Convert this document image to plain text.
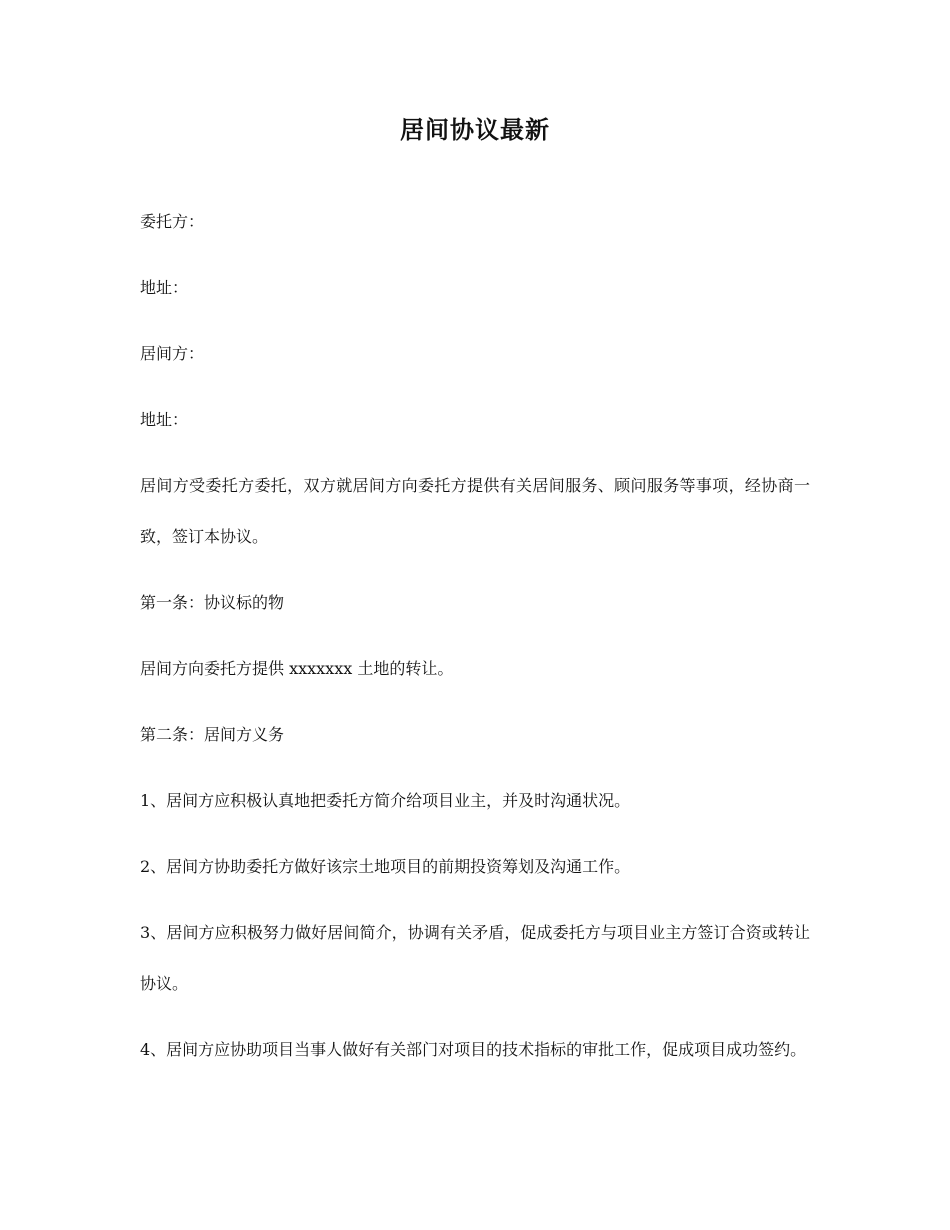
居间协议最新

委托方：

地址：

居间方：

地址：

居间方受委托方委托，双方就居间方向委托方提供有关居间服务、顾问服务等事项，经协商一致，签订本协议。

第一条：协议标的物

居间方向委托方提供 xxxxxxx 土地的转让。

第二条：居间方义务

1、居间方应积极认真地把委托方简介给项目业主，并及时沟通状况。

2、居间方协助委托方做好该宗土地项目的前期投资筹划及沟通工作。

3、居间方应积极努力做好居间简介，协调有关矛盾，促成委托方与项目业主方签订合资或转让协议。

4、居间方应协助项目当事人做好有关部门对项目的技术指标的审批工作，促成项目成功签约。
